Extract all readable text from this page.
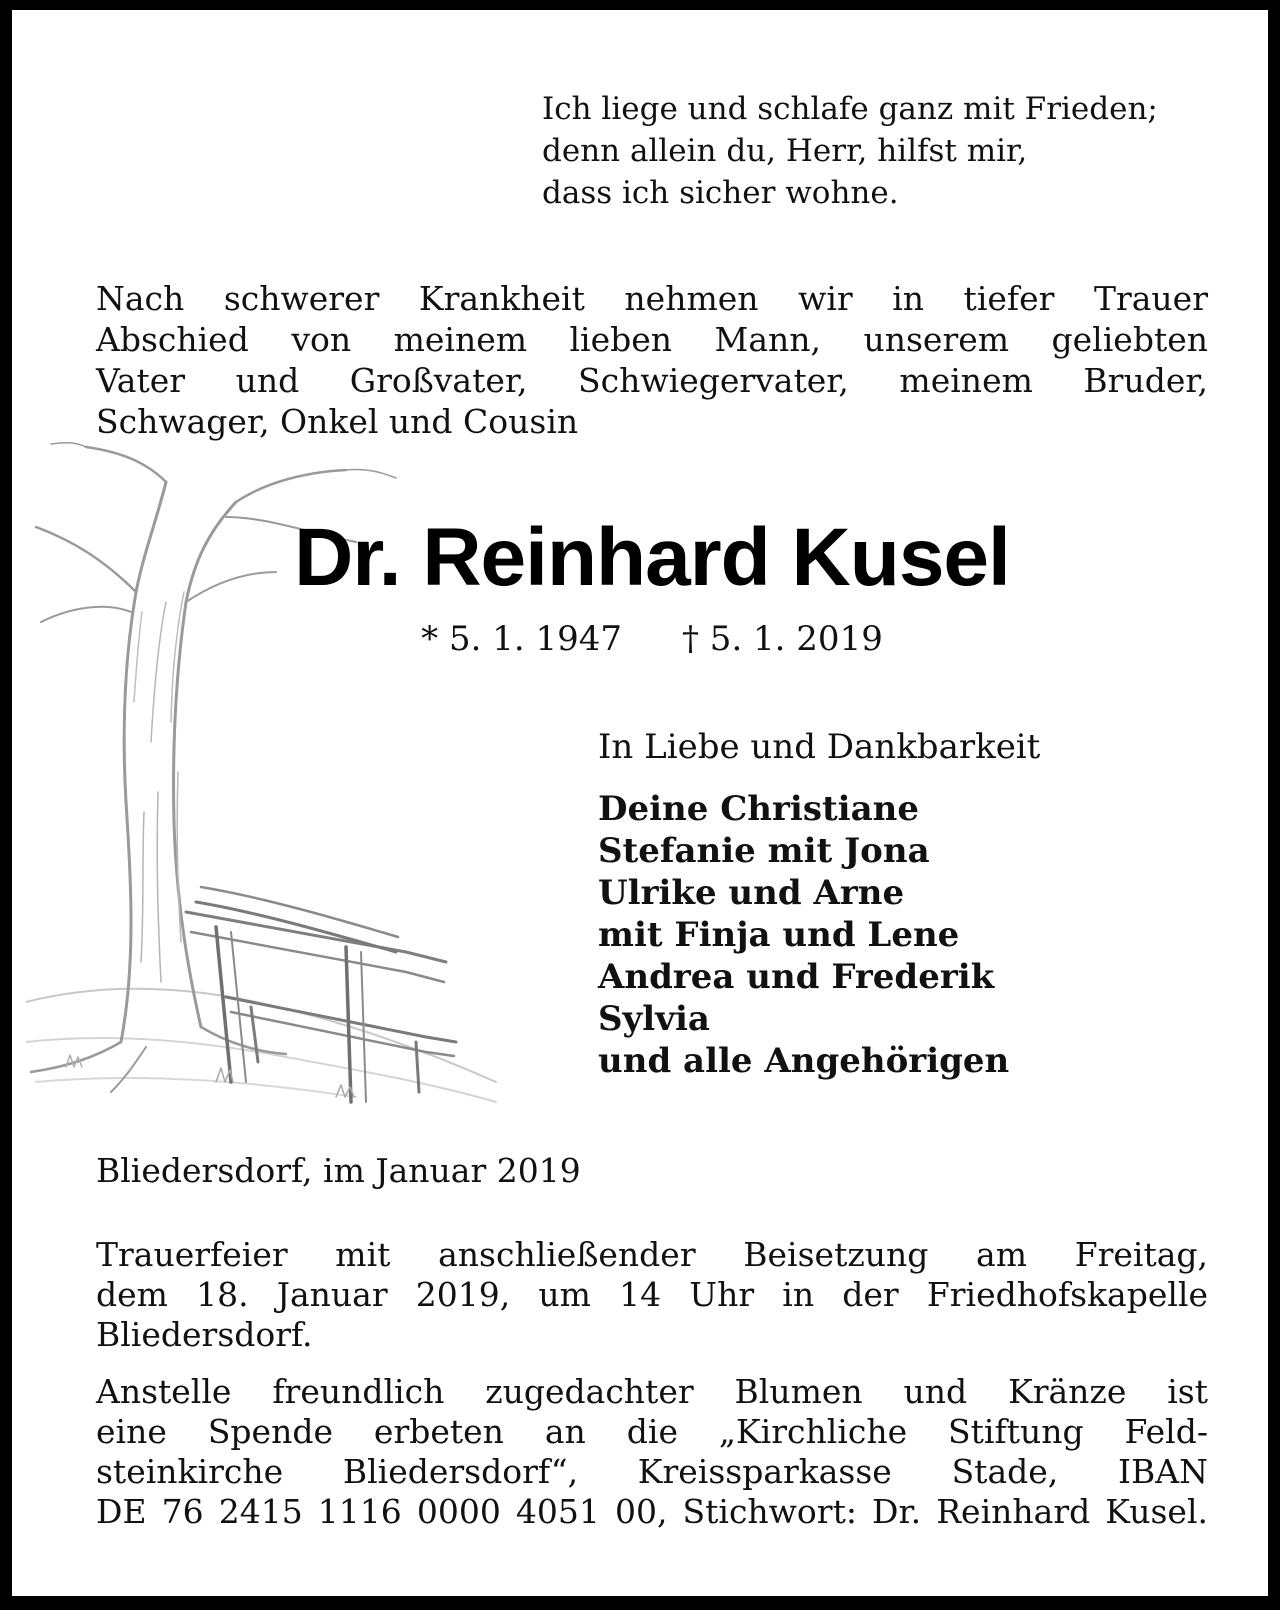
Ich liege und schlafe ganz mit Frieden;
denn allein du, Herr, hilfst mir,
dass ich sicher wohne.
Nach schwerer Krankheit nehmen wir in tiefer Trauer
Abschied von meinem lieben Mann, unserem geliebten
Vater und Großvater, Schwiegervater, meinem Bruder,
Schwager, Onkel und Cousin
Dr. Reinhard Kusel
* 5. 1. 1947 † 5. 1. 2019
In Liebe und Dankbarkeit
Deine Christiane
Stefanie mit Jona
Ulrike und Arne
mit Finja und Lene
Andrea und Frederik
Sylvia
und alle Angehörigen
Bliedersdorf, im Januar 2019
Trauerfeier mit anschließender Beisetzung am Freitag,
dem 18. Januar 2019, um 14 Uhr in der Friedhofskapelle
Bliedersdorf.
Anstelle freundlich zugedachter Blumen und Kränze ist
eine Spende erbeten an die „Kirchliche Stiftung Feld-
steinkirche Bliedersdorf“, Kreissparkasse Stade, IBAN
DE 76 2415 1116 0000 4051 00, Stichwort: Dr. Reinhard Kusel.
